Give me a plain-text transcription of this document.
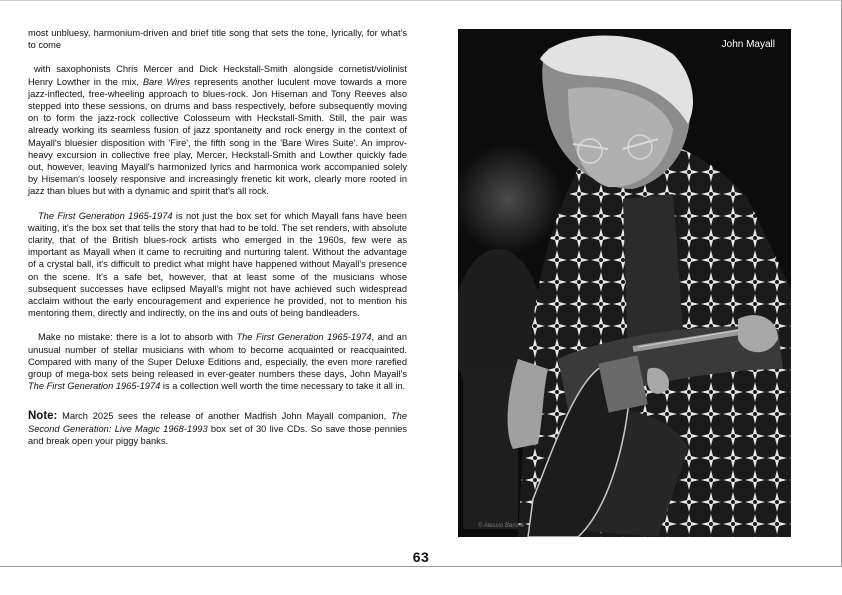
most unbluesy, harmonium-driven and brief title song that sets the tone, lyrically, for what's to come

with saxophonists Chris Mercer and Dick Heckstall-Smith alongside cornetist/violinist Henry Lowther in the mix, Bare Wires represents another luculent move towards a more jazz-inflected, free-wheeling approach to blues-rock. Jon Hiseman and Tony Reeves also stepped into these sessions, on drums and bass respectively, before subsequently moving on to form the jazz-rock collective Colosseum with Heckstall-Smith. Still, the pair was already working its seamless fusion of jazz spontaneity and rock energy in the context of Mayall's bluesier disposition with 'Fire', the fifth song in the 'Bare Wires Suite'. An improv-heavy excursion in collective free play, Mercer, Heckstall-Smith and Lowther quickly fade out, however, leaving Mayall's harmonized lyrics and harmonica work accompanied solely by Hiseman's loosely responsive and increasingly frenetic kit work, clearly more rooted in jazz than blues but with a dynamic and spirit that's all rock.

The First Generation 1965-1974 is not just the box set for which Mayall fans have been waiting, it's the box set that tells the story that had to be told. The set renders, with absolute clarity, that of the British blues-rock artists who emerged in the 1960s, few were as important as Mayall when it came to recruiting and nurturing talent. Without the advantage of a crystal ball, it's difficult to predict what might have happened without Mayall's presence on the scene. It's a safe bet, however, that at least some of the musicians whose subsequent successes have eclipsed Mayall's might not have achieved such widespread acclaim without the early encouragement and experience he provided, not to mention his mentoring them, directly and indirectly, on the ins and outs of being bandleaders.

Make no mistake: there is a lot to absorb with The First Generation 1965-1974, and an unusual number of stellar musicians with whom to become acquainted or reacquainted. Compared with many of the Super Deluxe Editions and, especially, the even more rarefied group of mega-box sets being released in ever-geater numbers these days, John Mayall's The First Generation 1965-1974 is a collection well worth the time necessary to take it all in.

Note: March 2025 sees the release of another Madfish John Mayall companion, The Second Generation: Live Magic 1968-1993 box set of 30 live CDs. So save those pennies and break open your piggy banks.

John Mayall
© Alessio Barone
63
